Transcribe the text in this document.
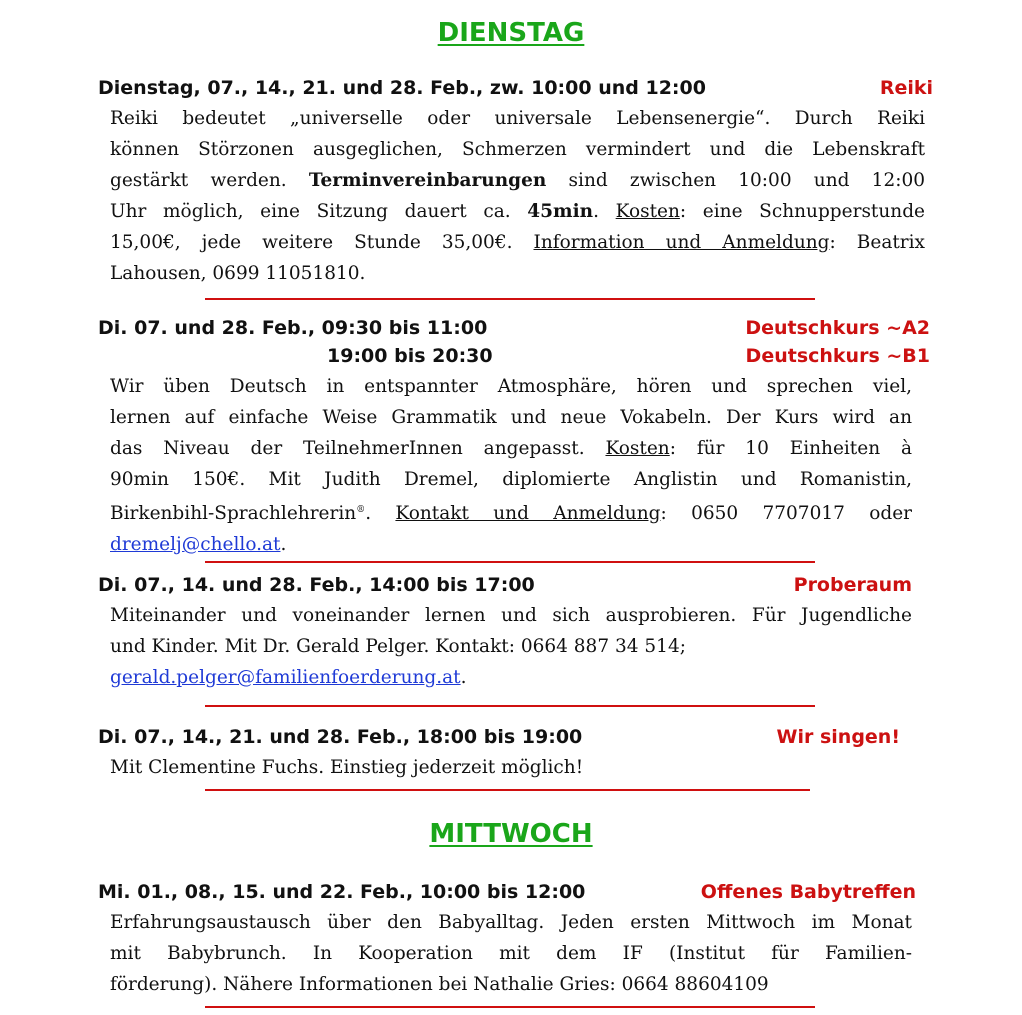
DIENSTAG
Dienstag, 07., 14., 21. und 28. Feb., zw. 10:00 und 12:00	Reiki
Reiki bedeutet „universelle oder universale Lebensenergie“. Durch Reiki
können Störzonen ausgeglichen, Schmerzen vermindert und die Lebenskraft
gestärkt werden. Terminvereinbarungen sind zwischen 10:00 und 12:00
Uhr möglich, eine Sitzung dauert ca. 45min. Kosten: eine Schnupperstunde
15,00€, jede weitere Stunde 35,00€. Information und Anmeldung: Beatrix
Lahousen, 0699 11051810.
Di. 07. und 28. Feb., 09:30 bis 11:00	Deutschkurs ~A2
19:00 bis 20:30	Deutschkurs ~B1
Wir üben Deutsch in entspannter Atmosphäre, hören und sprechen viel,
lernen auf einfache Weise Grammatik und neue Vokabeln. Der Kurs wird an
das Niveau der TeilnehmerInnen angepasst. Kosten: für 10 Einheiten à
90min 150€. Mit Judith Dremel, diplomierte Anglistin und Romanistin,
Birkenbihl-Sprachlehrerin®. Kontakt und Anmeldung: 0650 7707017 oder
dremelj@chello.at.
Di. 07., 14. und 28. Feb., 14:00 bis 17:00	Proberaum
Miteinander und voneinander lernen und sich ausprobieren. Für Jugendliche
und Kinder. Mit Dr. Gerald Pelger. Kontakt: 0664 887 34 514;
gerald.pelger@familienfoerderung.at.
Di. 07., 14., 21. und 28. Feb., 18:00 bis 19:00	Wir singen!
Mit Clementine Fuchs. Einstieg jederzeit möglich!
MITTWOCH
Mi. 01., 08., 15. und 22. Feb., 10:00 bis 12:00	Offenes Babytreffen
Erfahrungsaustausch über den Babyalltag. Jeden ersten Mittwoch im Monat
mit Babybrunch. In Kooperation mit dem IF (Institut für Familien-
förderung). Nähere Informationen bei Nathalie Gries: 0664 88604109
